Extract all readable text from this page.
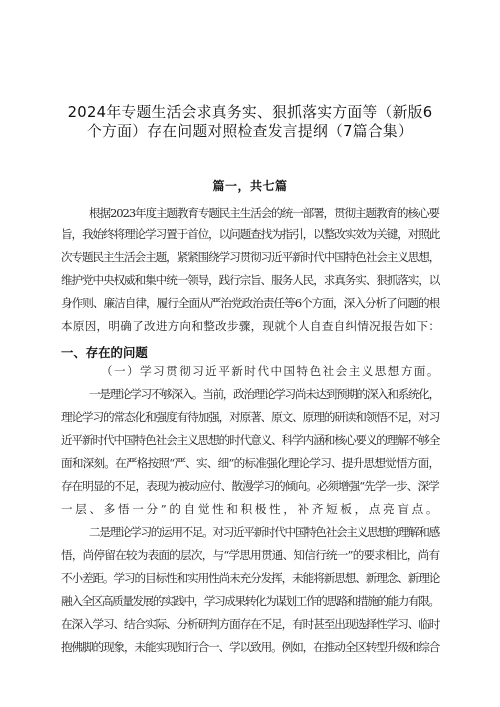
2024年专题生活会求真务实、狠抓落实方面等（新版6
个方面）存在问题对照检查发言提纲（7篇合集）
篇一，共七篇
根据2023年度主题教育专题民主生活会的统一部署，贯彻主题教育的核心要
旨，我始终将理论学习置于首位，以问题查找为指引，以整改实效为关键，对照此
次专题民主生活会主题，紧紧围绕学习贯彻习近平新时代中国特色社会主义思想，
维护党中央权威和集中统一领导，践行宗旨、服务人民，求真务实、狠抓落实，以
身作则、廉洁自律，履行全面从严治党政治责任等6个方面，深入分析了问题的根
本原因，明确了改进方向和整改步骤，现就个人自查自纠情况报告如下：
一、存在的问题
（一）学习贯彻习近平新时代中国特色社会主义思想方面。
一是理论学习不够深入。当前，政治理论学习尚未达到预期的深入和系统化，
理论学习的常态化和强度有待加强，对原著、原文、原理的研读和领悟不足，对习
近平新时代中国特色社会主义思想的时代意义、科学内涵和核心要义的理解不够全
面和深刻。在严格按照“严、实、细”的标准强化理论学习、提升思想觉悟方面，
存在明显的不足，表现为被动应付、散漫学习的倾向。必须增强“先学一步、深学
一层、多悟一分”的自觉性和积极性，补齐短板，点亮盲点。
二是理论学习的运用不足。对习近平新时代中国特色社会主义思想的理解和感
悟，尚停留在较为表面的层次，与“学思用贯通、知信行统一”的要求相比，尚有
不小差距。学习的目标性和实用性尚未充分发挥，未能将新思想、新理念、新理论
融入全区高质量发展的实践中，学习成果转化为谋划工作的思路和措施的能力有限。
在深入学习、结合实际、分析研判方面存在不足，有时甚至出现选择性学习、临时
抱佛脚的现象，未能实现知行合一、学以致用。例如，在推动全区转型升级和综合
